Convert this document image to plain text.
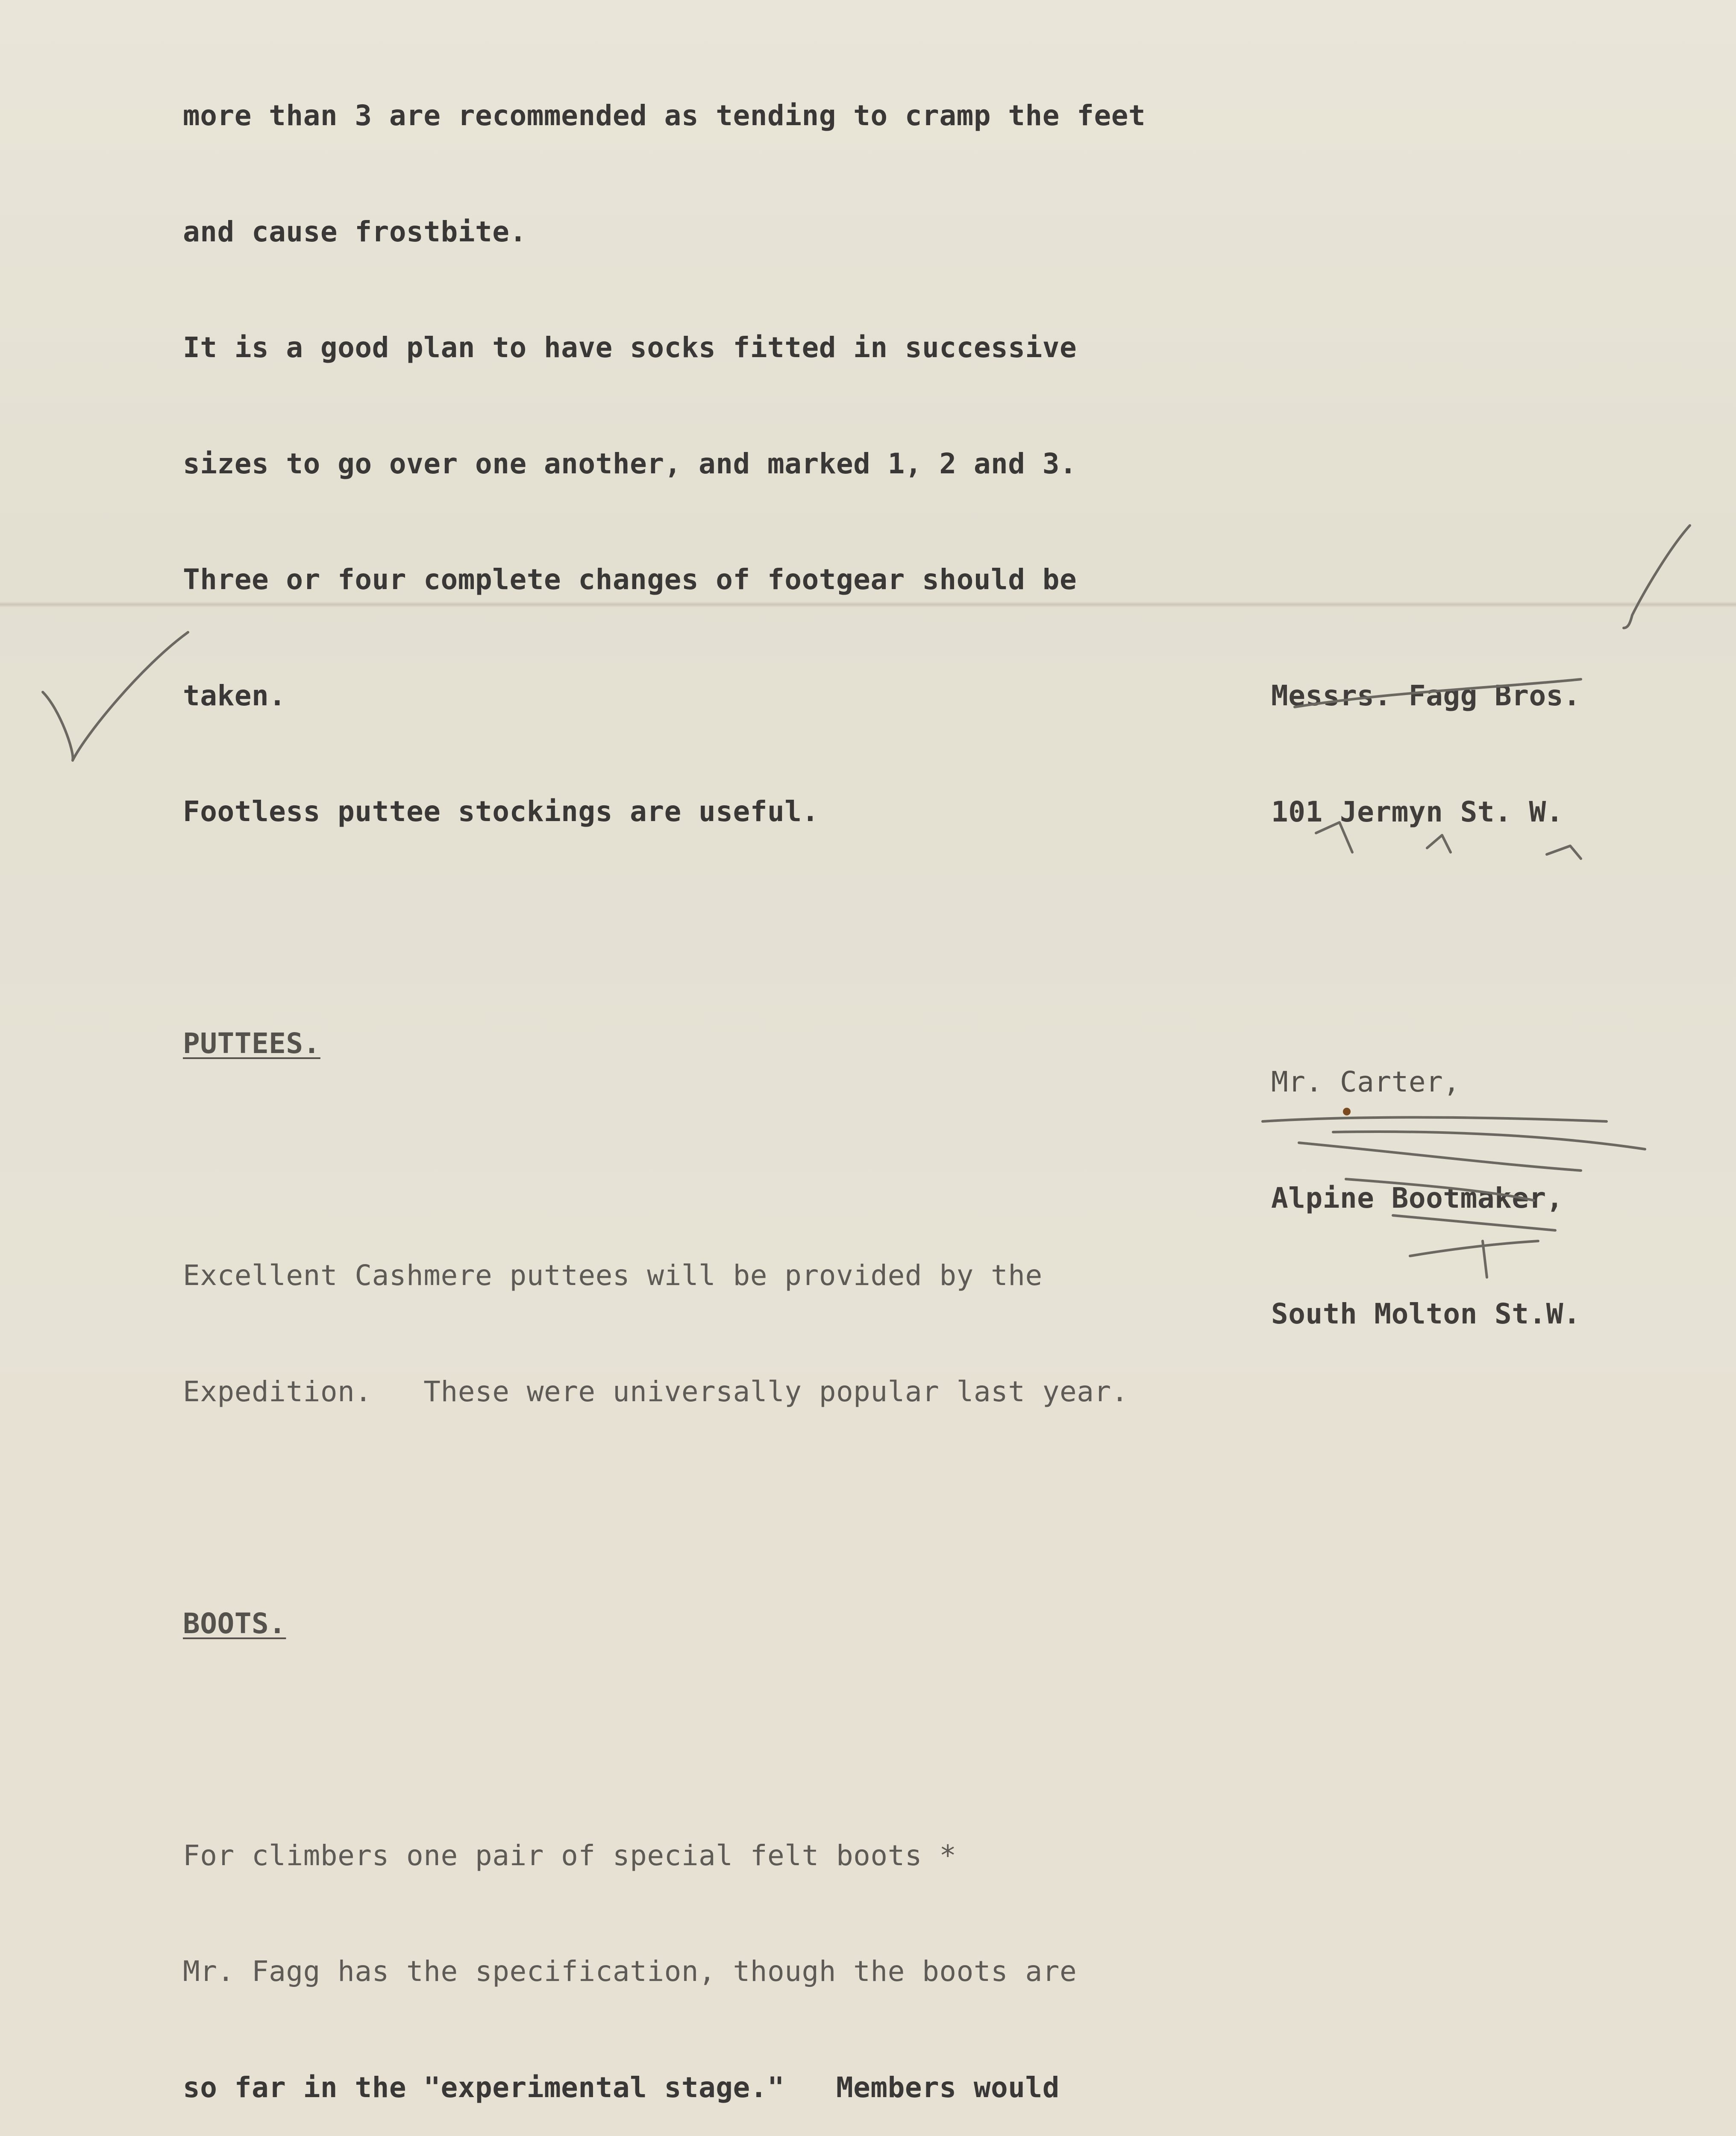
more than 3 are recommended as tending to cramp the feet

and cause frostbite.

It is a good plan to have socks fitted in successive

sizes to go over one another, and marked 1, 2 and 3.

Three or four complete changes of footgear should be

taken.

Footless puttee stockings are useful.

PUTTEES.

Excellent Cashmere puttees will be provided by the

Expedition.   These were universally popular last year.

BOOTS.

For climbers one pair of special felt boots *

Mr. Fagg has the specification, though the boots are

so far in the "experimental stage."   Members would

Messrs. Fagg Bros.

101 Jermyn St. W.

Mr. Carter,

Alpine Bootmaker,

South Molton St.W.
